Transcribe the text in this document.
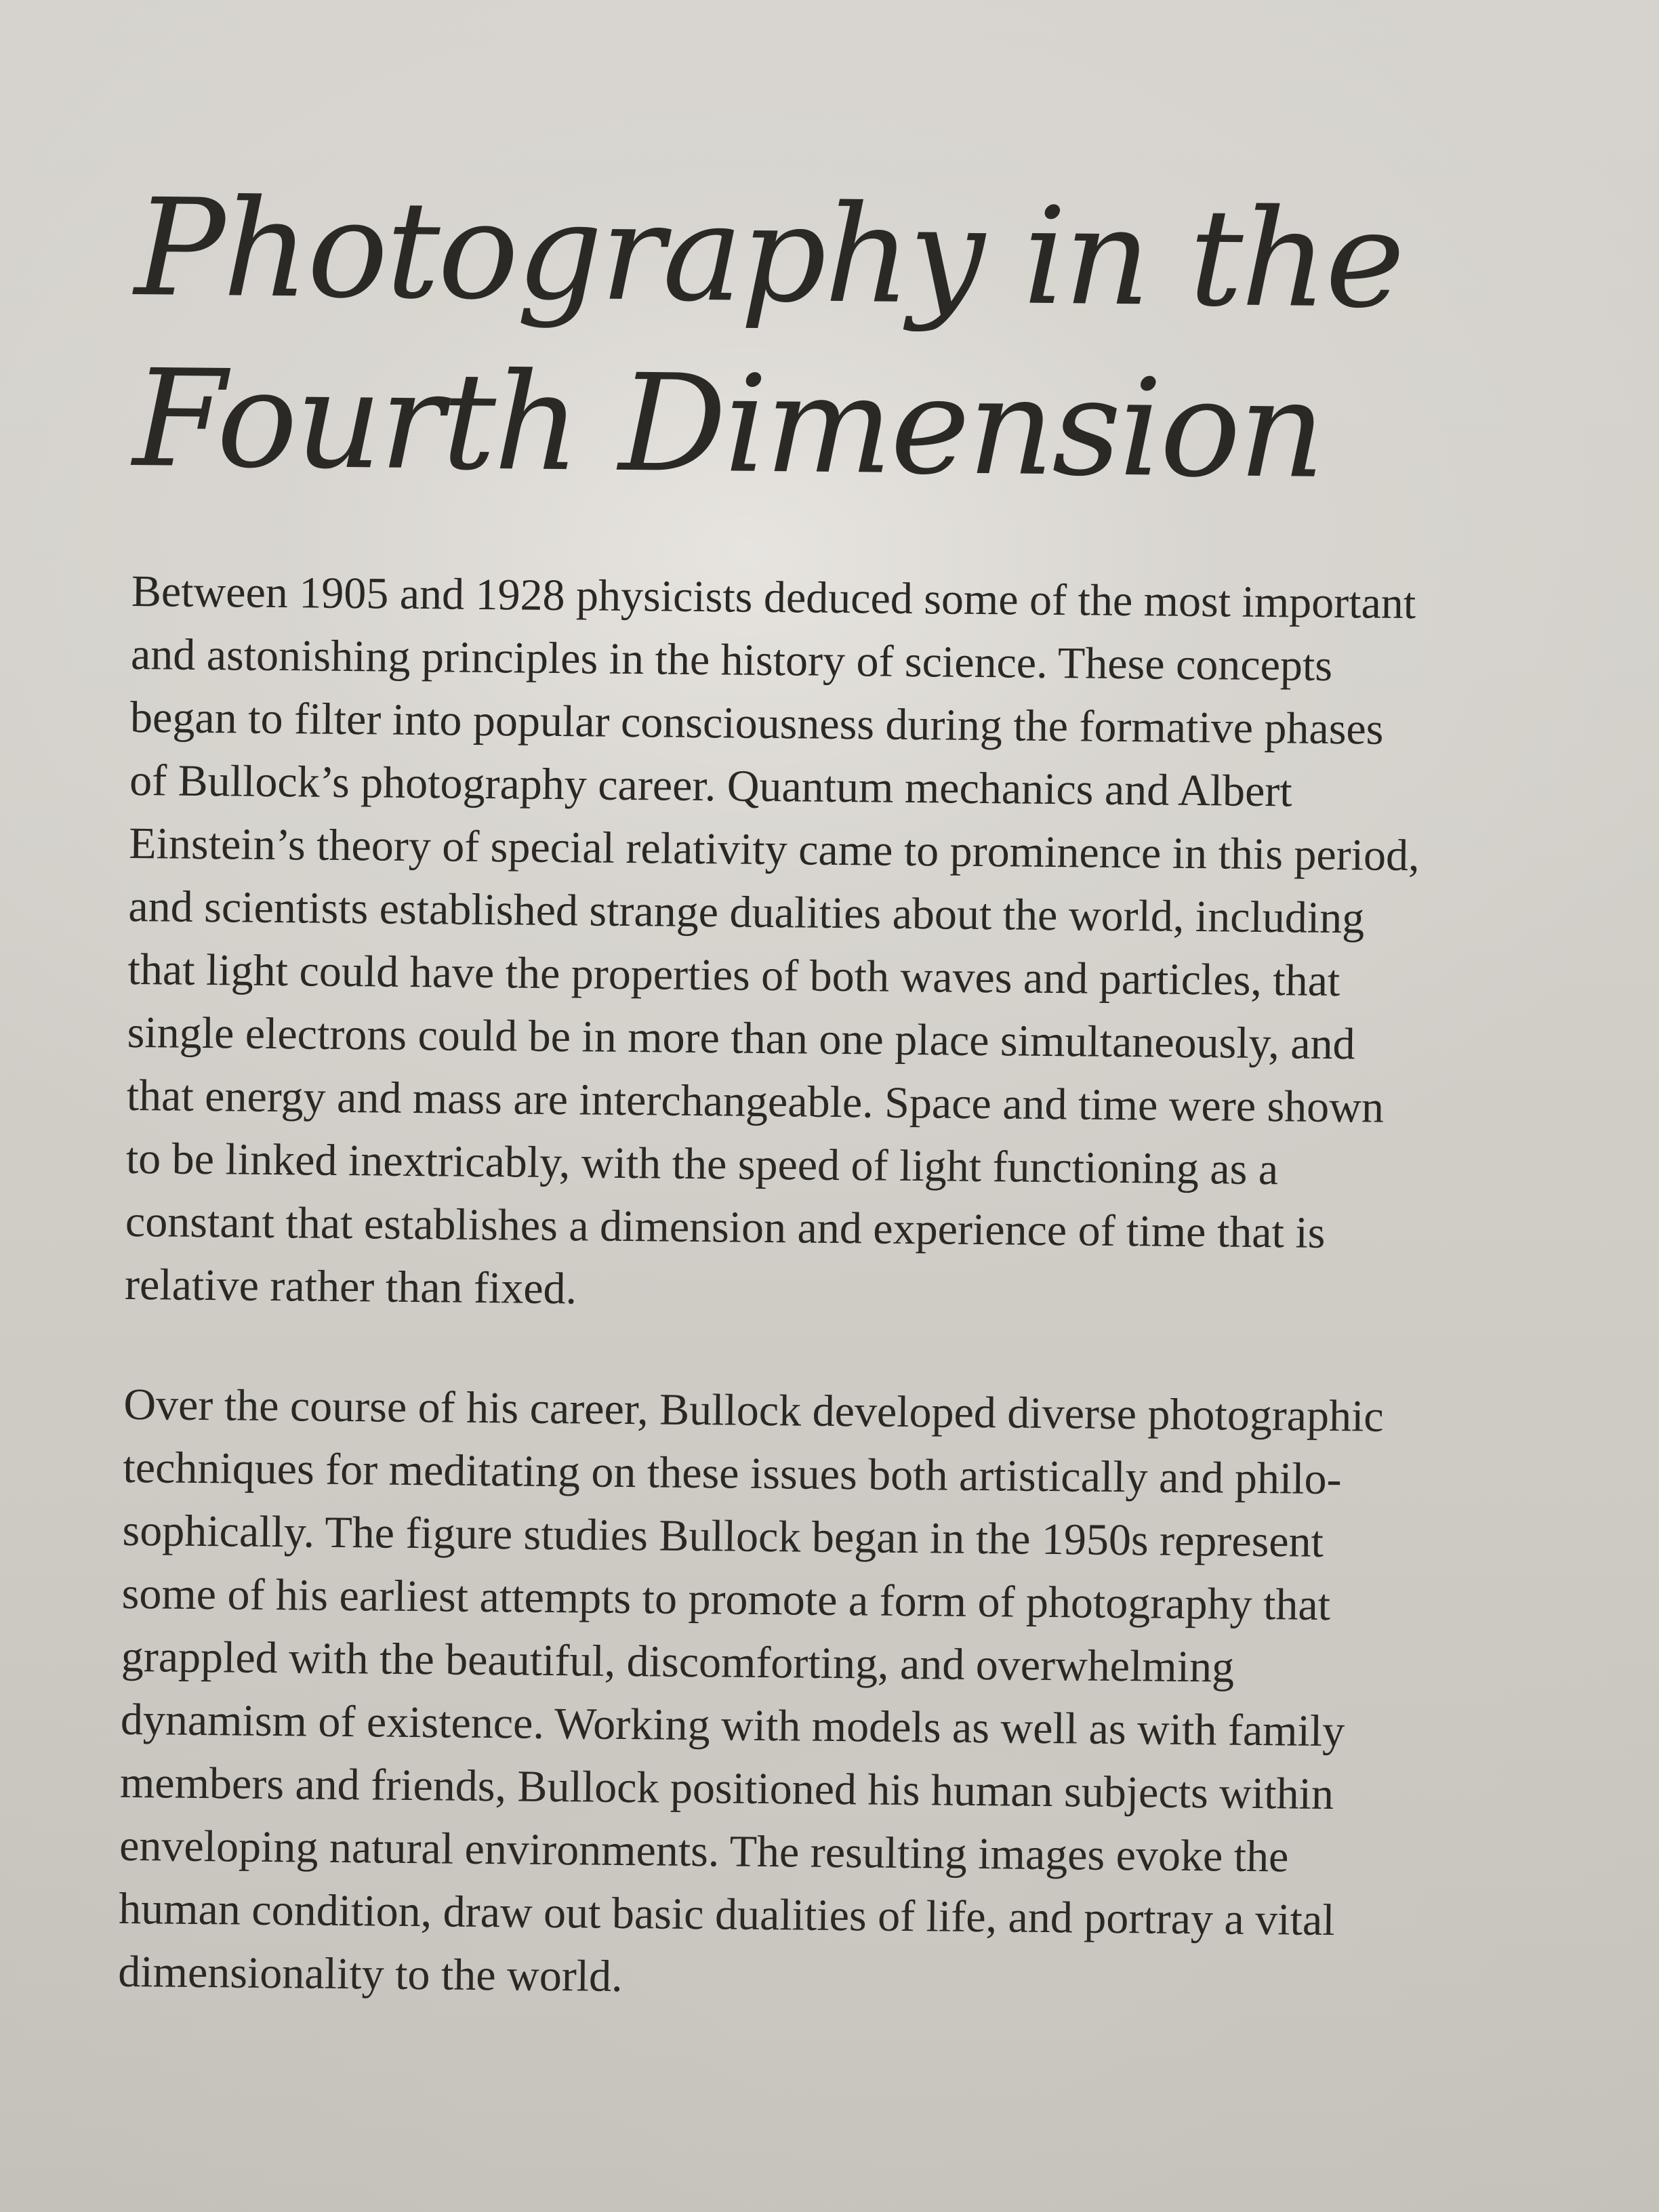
Photography in the
Fourth Dimension

Between 1905 and 1928 physicists deduced some of the most important
and astonishing principles in the history of science. These concepts
began to filter into popular consciousness during the formative phases
of Bullock’s photography career. Quantum mechanics and Albert
Einstein’s theory of special relativity came to prominence in this period,
and scientists established strange dualities about the world, including
that light could have the properties of both waves and particles, that
single electrons could be in more than one place simultaneously, and
that energy and mass are interchangeable. Space and time were shown
to be linked inextricably, with the speed of light functioning as a
constant that establishes a dimension and experience of time that is
relative rather than fixed.

Over the course of his career, Bullock developed diverse photographic
techniques for meditating on these issues both artistically and philo-
sophically. The figure studies Bullock began in the 1950s represent
some of his earliest attempts to promote a form of photography that
grappled with the beautiful, discomforting, and overwhelming
dynamism of existence. Working with models as well as with family
members and friends, Bullock positioned his human subjects within
enveloping natural environments. The resulting images evoke the
human condition, draw out basic dualities of life, and portray a vital
dimensionality to the world.
